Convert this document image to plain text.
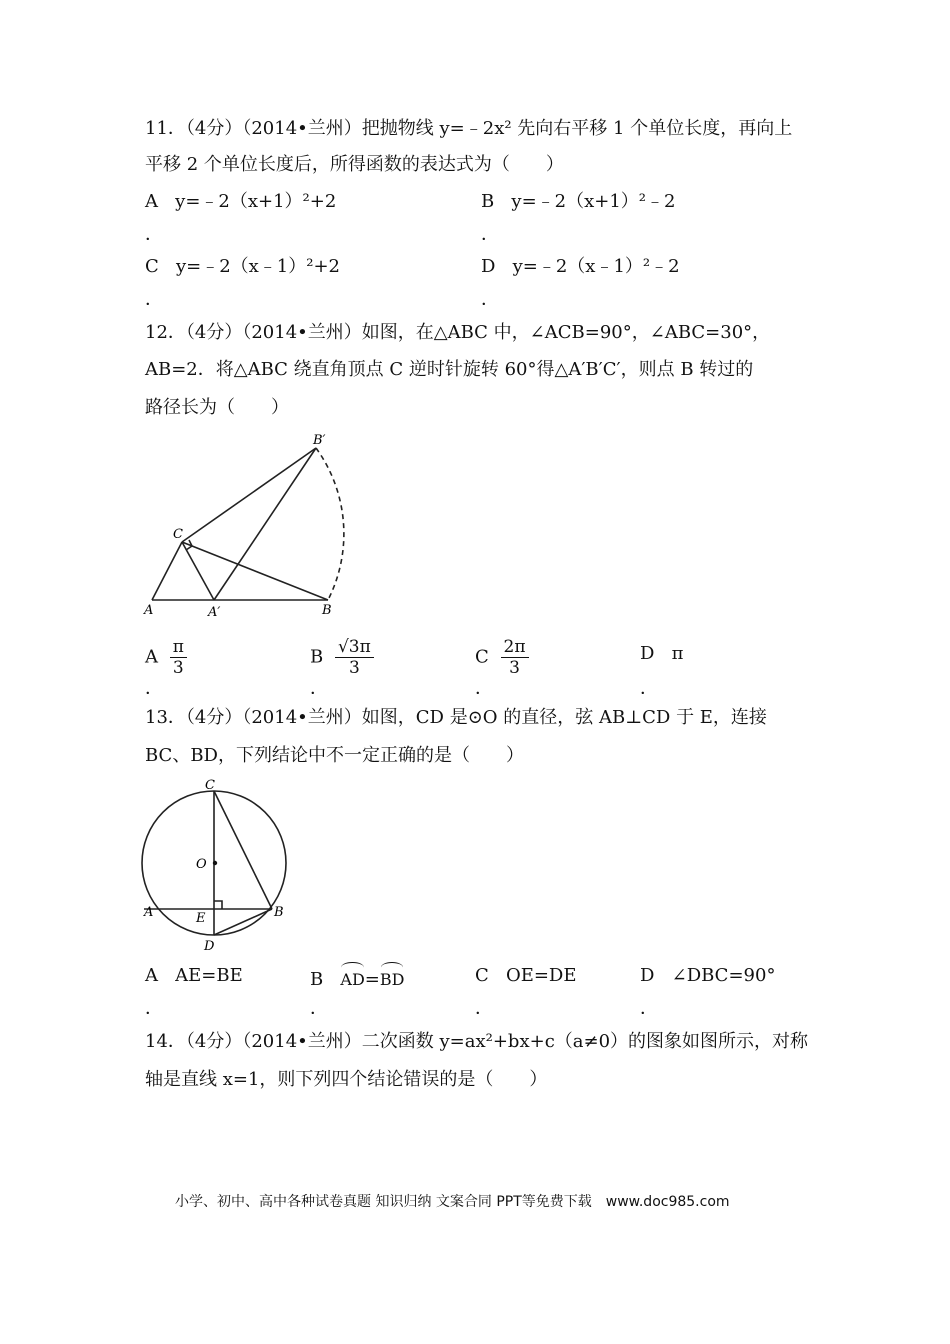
11．（4分）（2014•兰州）把抛物线 y=﹣2x² 先向右平移 1 个单位长度，再向上
平移 2 个单位长度后，所得函数的表达式为（　　）
A y=﹣2（x+1）²+2
．
B y=﹣2（x+1）²﹣2
．
C y=﹣2（x﹣1）²+2
．
D y=﹣2（x﹣1）²﹣2
．
12．（4分）（2014•兰州）如图，在△ABC 中，∠ACB=90°，∠ABC=30°，
AB=2．将△ABC 绕直角顶点 C 逆时针旋转 60°得△A′B′C′，则点 B 转过的
路径长为（　　）
B′
C
A	A′	B
A $\frac{\pi}{3}$
．
B $\frac{√3\pi}{3}$
．
C $\frac{2\pi}{3}$
．
D π
．
13．（4分）（2014•兰州）如图，CD 是⊙O 的直径，弦 AB⊥CD 于 E，连接
BC、BD，下列结论中不一定正确的是（　　）
C
O
A	E	B
D
A AE=BE
．
B AD=BD
．
C OE=DE
．
D ∠DBC=90°
．
14．（4分）（2014•兰州）二次函数 y=ax²+bx+c（a≠0）的图象如图所示，对称
轴是直线 x=1，则下列四个结论错误的是（　　）
小学、初中、高中各种试卷真题 知识归纳 文案合同 PPT等免费下载　www.doc985.com
